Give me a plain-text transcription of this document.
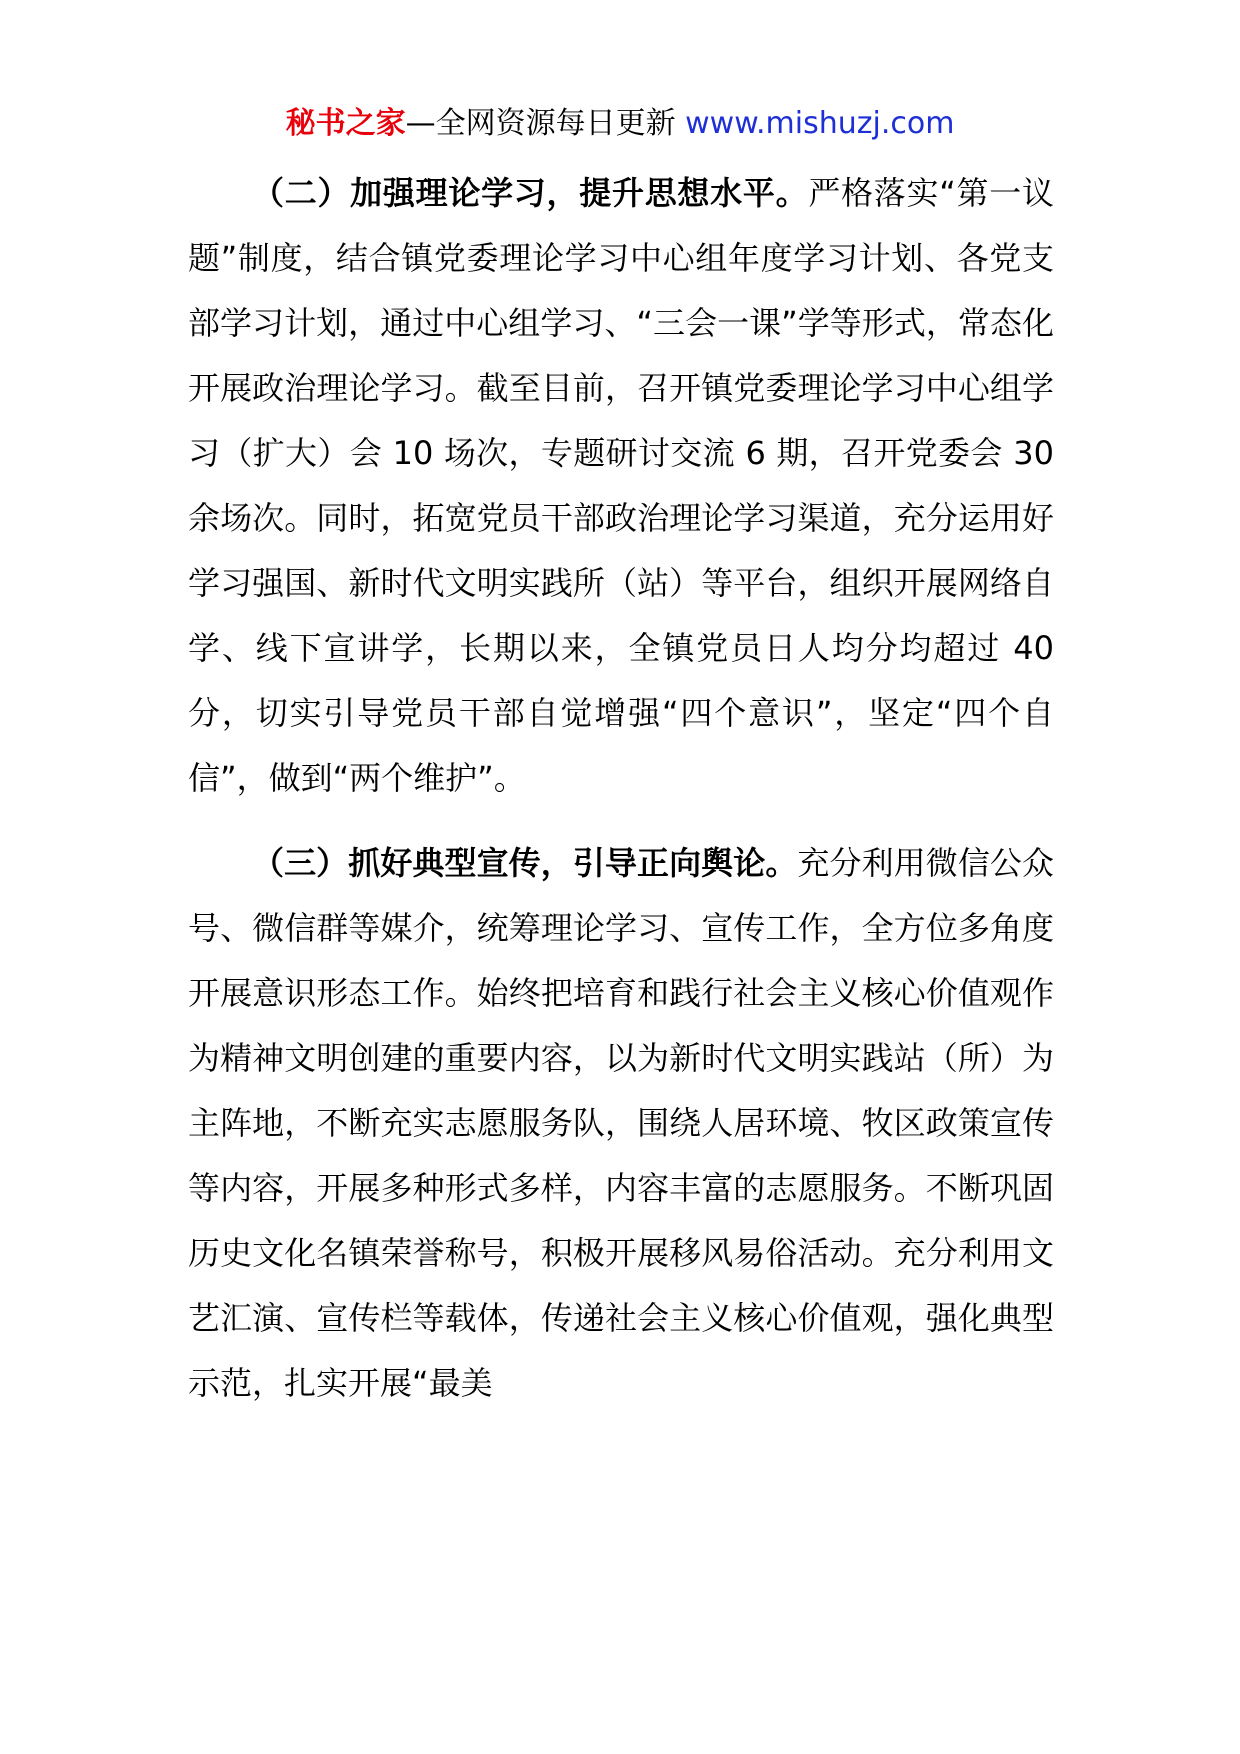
秘书之家—全网资源每日更新 www.mishuzj.com

（二）加强理论学习，提升思想水平。严格落实“第一议题”制度，结合镇党委理论学习中心组年度学习计划、各党支部学习计划，通过中心组学习、“三会一课”学等形式，常态化开展政治理论学习。截至目前，召开镇党委理论学习中心组学习（扩大）会 10 场次，专题研讨交流 6 期，召开党委会 30 余场次。同时，拓宽党员干部政治理论学习渠道，充分运用好学习强国、新时代文明实践所（站）等平台，组织开展网络自学、线下宣讲学，长期以来，全镇党员日人均分均超过 40 分，切实引导党员干部自觉增强“四个意识”，坚定“四个自信”，做到“两个维护”。

（三）抓好典型宣传，引导正向舆论。充分利用微信公众号、微信群等媒介，统筹理论学习、宣传工作，全方位多角度开展意识形态工作。始终把培育和践行社会主义核心价值观作为精神文明创建的重要内容，以为新时代文明实践站（所）为主阵地，不断充实志愿服务队，围绕人居环境、牧区政策宣传等内容，开展多种形式多样，内容丰富的志愿服务。不断巩固历史文化名镇荣誉称号，积极开展移风易俗活动。充分利用文艺汇演、宣传栏等载体，传递社会主义核心价值观，强化典型示范，扎实开展“最美
